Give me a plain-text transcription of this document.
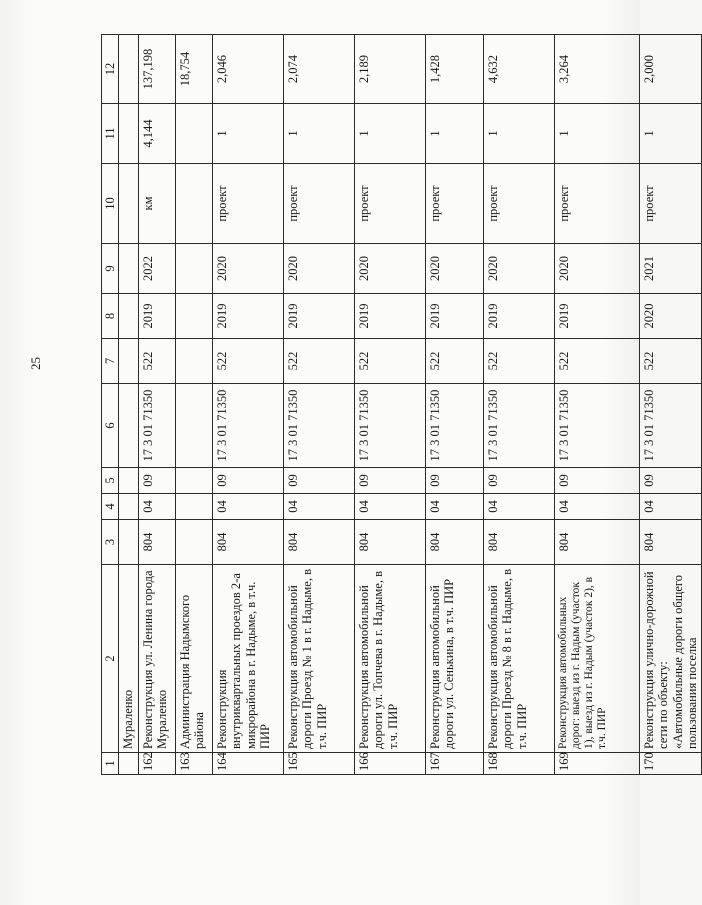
25
1	2	3	4	5	6	7	8	9	10	11	12
	Мураленко										
162	Реконструкция ул. Ленина города Мураленко	804	04	09	17 3 01 71350	522	2019	2022	км	4,144	137,198
163	Администрация Надымского района										18,754
164	Реконструкция внутриквартальных проездов 2-а микрорайона в г. Надыме, в т.ч. ПИР	804	04	09	17 3 01 71350	522	2019	2020	проект	1	2,046
165	Реконструкция автомобильной дороги Проезд № 1 в г. Надыме, в т.ч. ПИР	804	04	09	17 3 01 71350	522	2019	2020	проект	1	2,074
166	Реконструкция автомобильной дороги ул. Топчева в г. Надыме, в т.ч. ПИР	804	04	09	17 3 01 71350	522	2019	2020	проект	1	2,189
167	Реконструкция автомобильной дороги ул. Сенькина, в т.ч. ПИР	804	04	09	17 3 01 71350	522	2019	2020	проект	1	1,428
168	Реконструкция автомобильной дороги Проезд № 8 в г. Надыме, в т.ч. ПИР	804	04	09	17 3 01 71350	522	2019	2020	проект	1	4,632
169	Реконструкция автомобильных дорог: выезд из г. Надым (участок 1), выезд из г. Надым (участок 2), в т.ч. ПИР	804	04	09	17 3 01 71350	522	2019	2020	проект	1	3,264
170	Реконструкция улично-дорожной сети по объекту: «Автомобильные дороги общего пользования поселка	804	04	09	17 3 01 71350	522	2020	2021	проект	1	2,000
